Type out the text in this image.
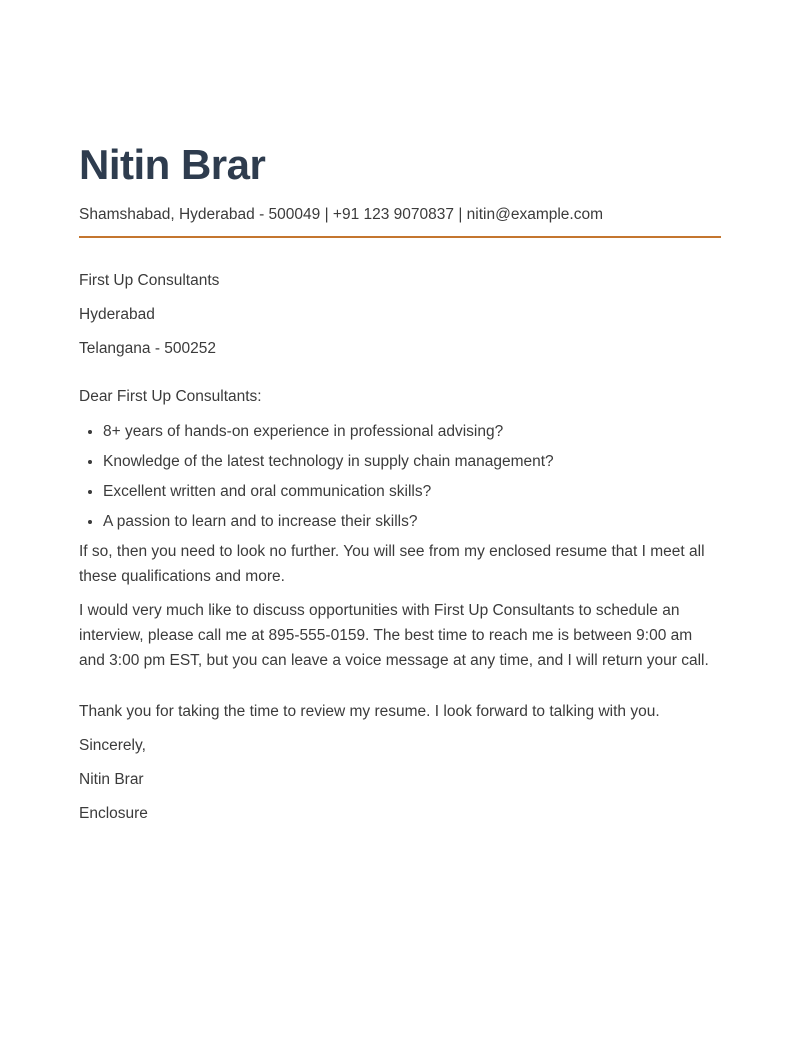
Nitin Brar

Shamshabad, Hyderabad - 500049 | +91 123 9070837 | nitin@example.com

First Up Consultants

Hyderabad

Telangana - 500252

Dear First Up Consultants:

• 8+ years of hands-on experience in professional advising?
• Knowledge of the latest technology in supply chain management?
• Excellent written and oral communication skills?
• A passion to learn and to increase their skills?

If so, then you need to look no further. You will see from my enclosed resume that I meet all these qualifications and more.

I would very much like to discuss opportunities with First Up Consultants to schedule an interview, please call me at 895-555-0159. The best time to reach me is between 9:00 am and 3:00 pm EST, but you can leave a voice message at any time, and I will return your call.

Thank you for taking the time to review my resume. I look forward to talking with you.

Sincerely,

Nitin Brar

Enclosure
